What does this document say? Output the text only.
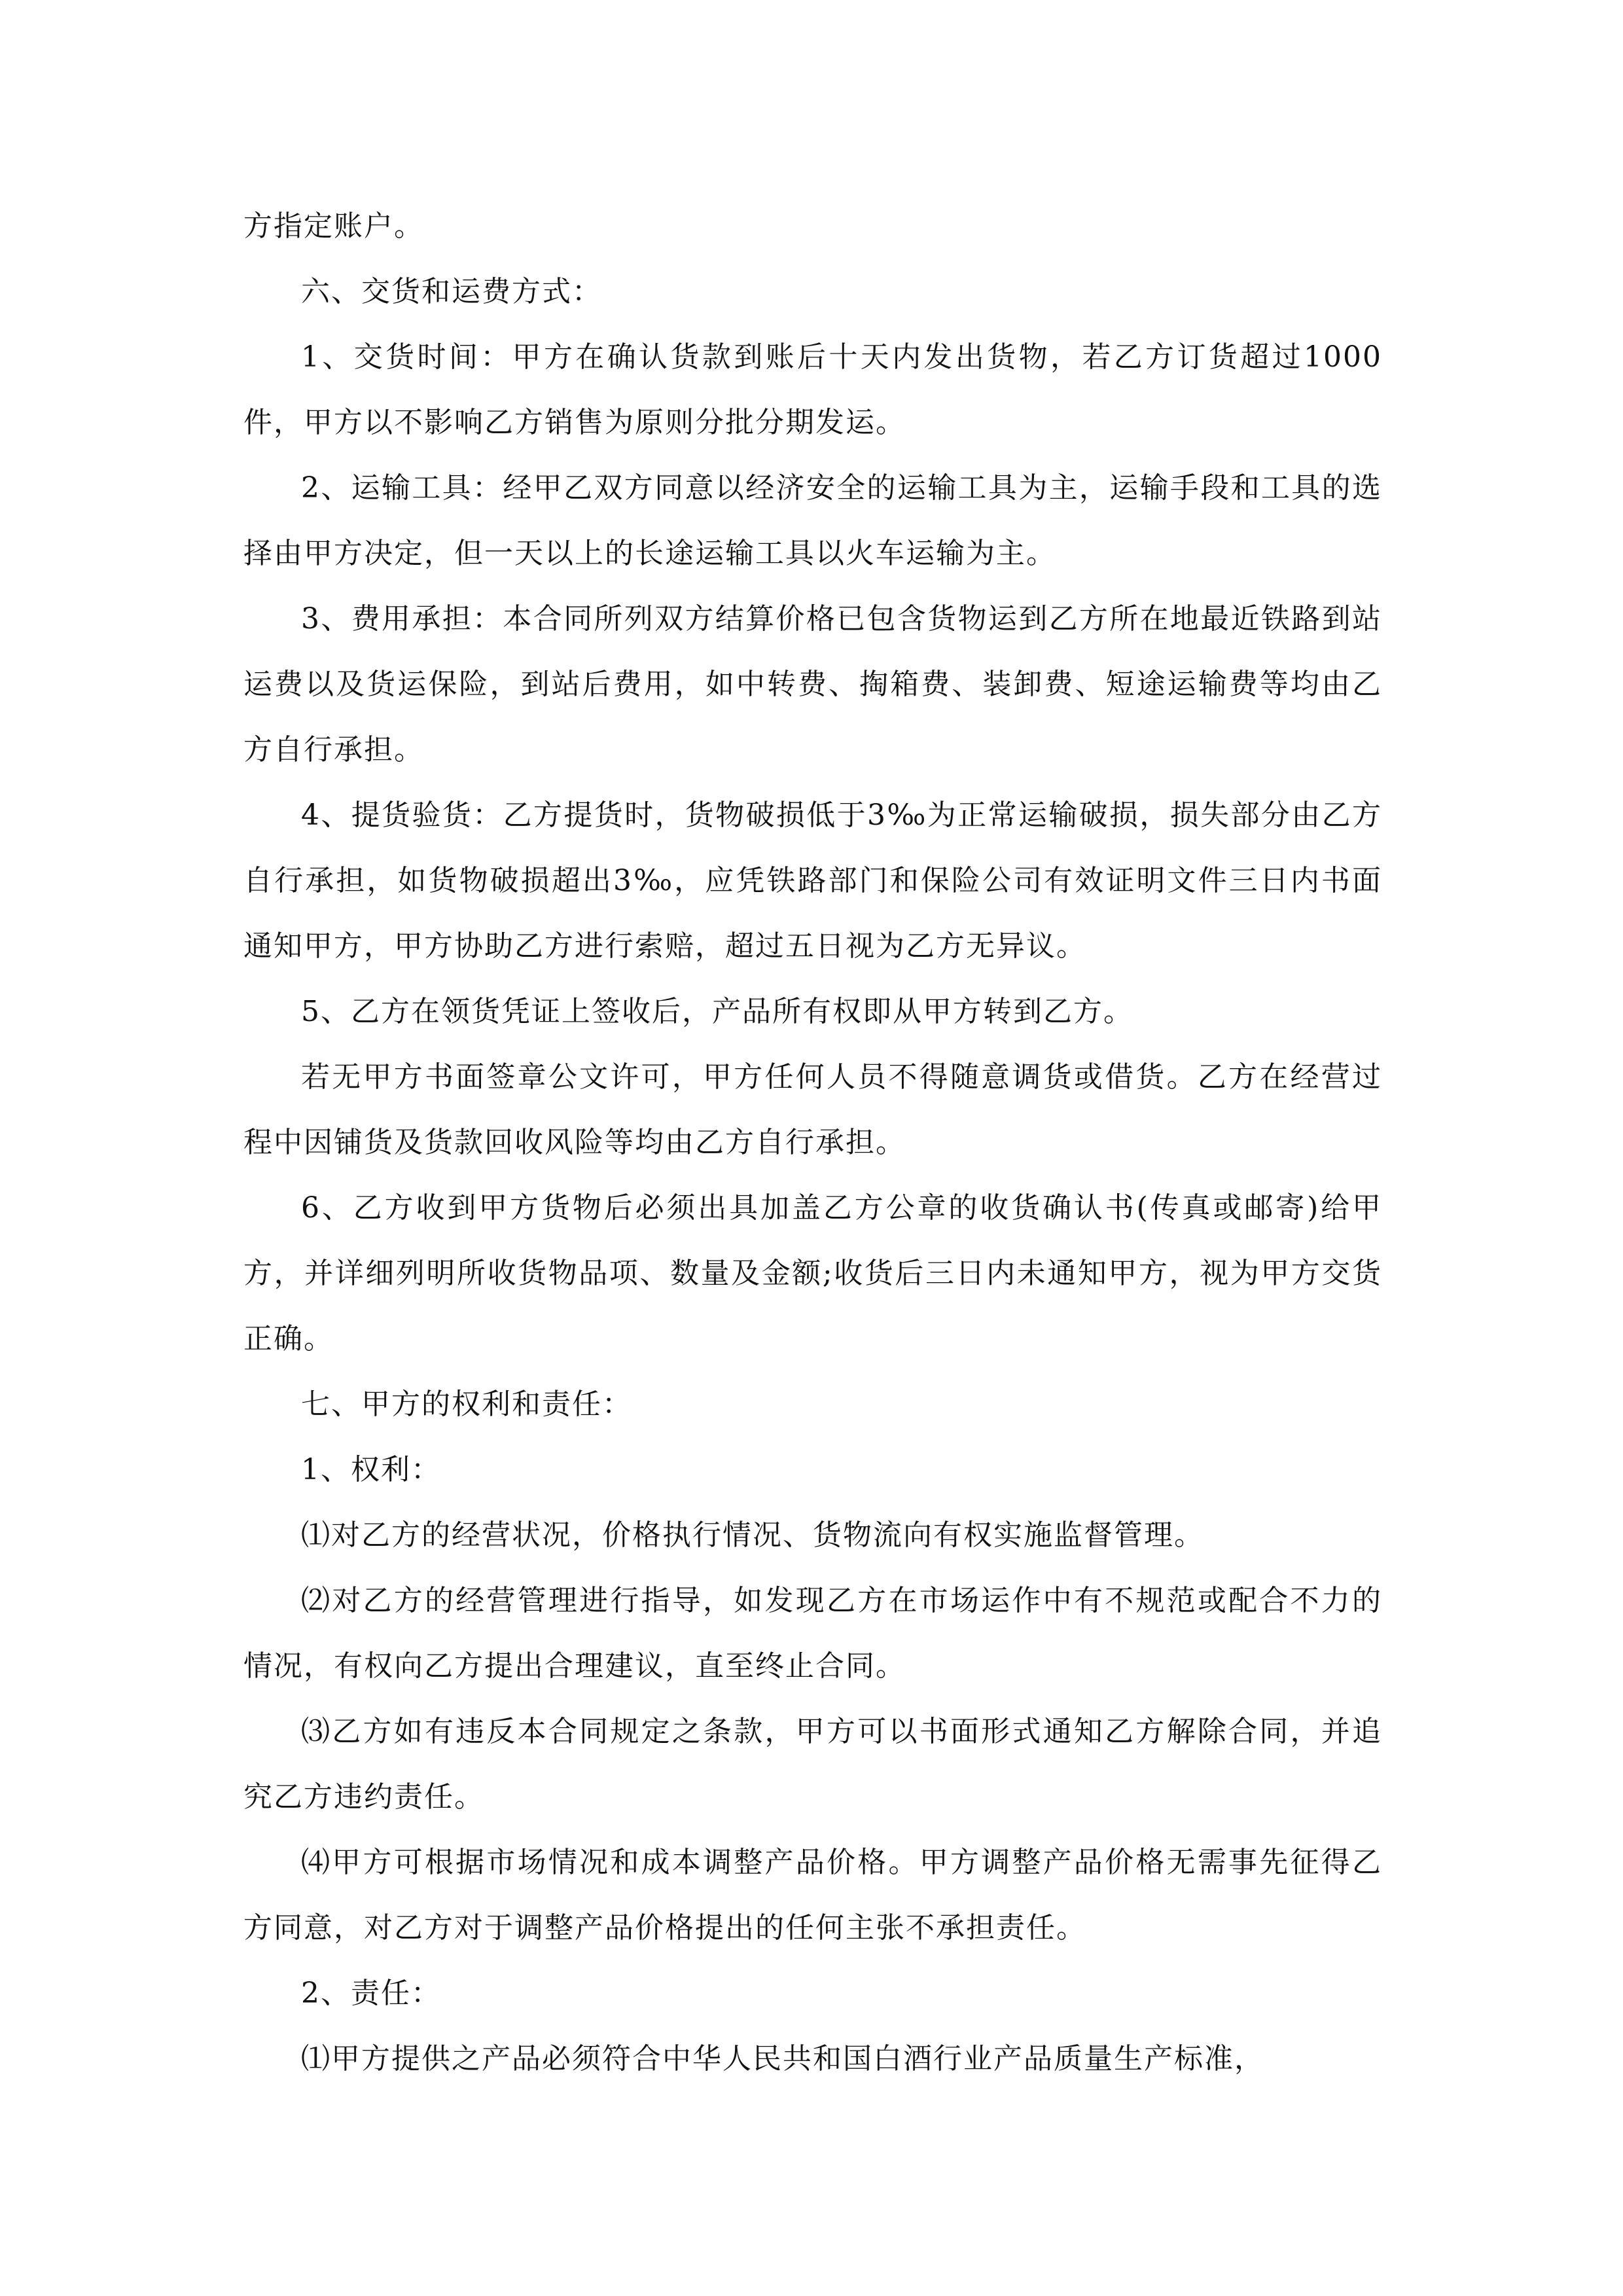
方指定账户。

六、交货和运费方式：

1、交货时间：甲方在确认货款到账后十天内发出货物，若乙方订货超过1000件，甲方以不影响乙方销售为原则分批分期发运。

2、运输工具：经甲乙双方同意以经济安全的运输工具为主，运输手段和工具的选择由甲方决定，但一天以上的长途运输工具以火车运输为主。

3、费用承担：本合同所列双方结算价格已包含货物运到乙方所在地最近铁路到站运费以及货运保险，到站后费用，如中转费、掏箱费、装卸费、短途运输费等均由乙方自行承担。

4、提货验货：乙方提货时，货物破损低于3‰为正常运输破损，损失部分由乙方自行承担，如货物破损超出3‰，应凭铁路部门和保险公司有效证明文件三日内书面通知甲方，甲方协助乙方进行索赔，超过五日视为乙方无异议。

5、乙方在领货凭证上签收后，产品所有权即从甲方转到乙方。

若无甲方书面签章公文许可，甲方任何人员不得随意调货或借货。乙方在经营过程中因铺货及货款回收风险等均由乙方自行承担。

6、乙方收到甲方货物后必须出具加盖乙方公章的收货确认书(传真或邮寄)给甲方，并详细列明所收货物品项、数量及金额;收货后三日内未通知甲方，视为甲方交货正确。

七、甲方的权利和责任：

1、权利：

⑴对乙方的经营状况，价格执行情况、货物流向有权实施监督管理。

⑵对乙方的经营管理进行指导，如发现乙方在市场运作中有不规范或配合不力的情况，有权向乙方提出合理建议，直至终止合同。

⑶乙方如有违反本合同规定之条款，甲方可以书面形式通知乙方解除合同，并追究乙方违约责任。

⑷甲方可根据市场情况和成本调整产品价格。甲方调整产品价格无需事先征得乙方同意，对乙方对于调整产品价格提出的任何主张不承担责任。

2、责任：

⑴甲方提供之产品必须符合中华人民共和国白酒行业产品质量生产标准，
